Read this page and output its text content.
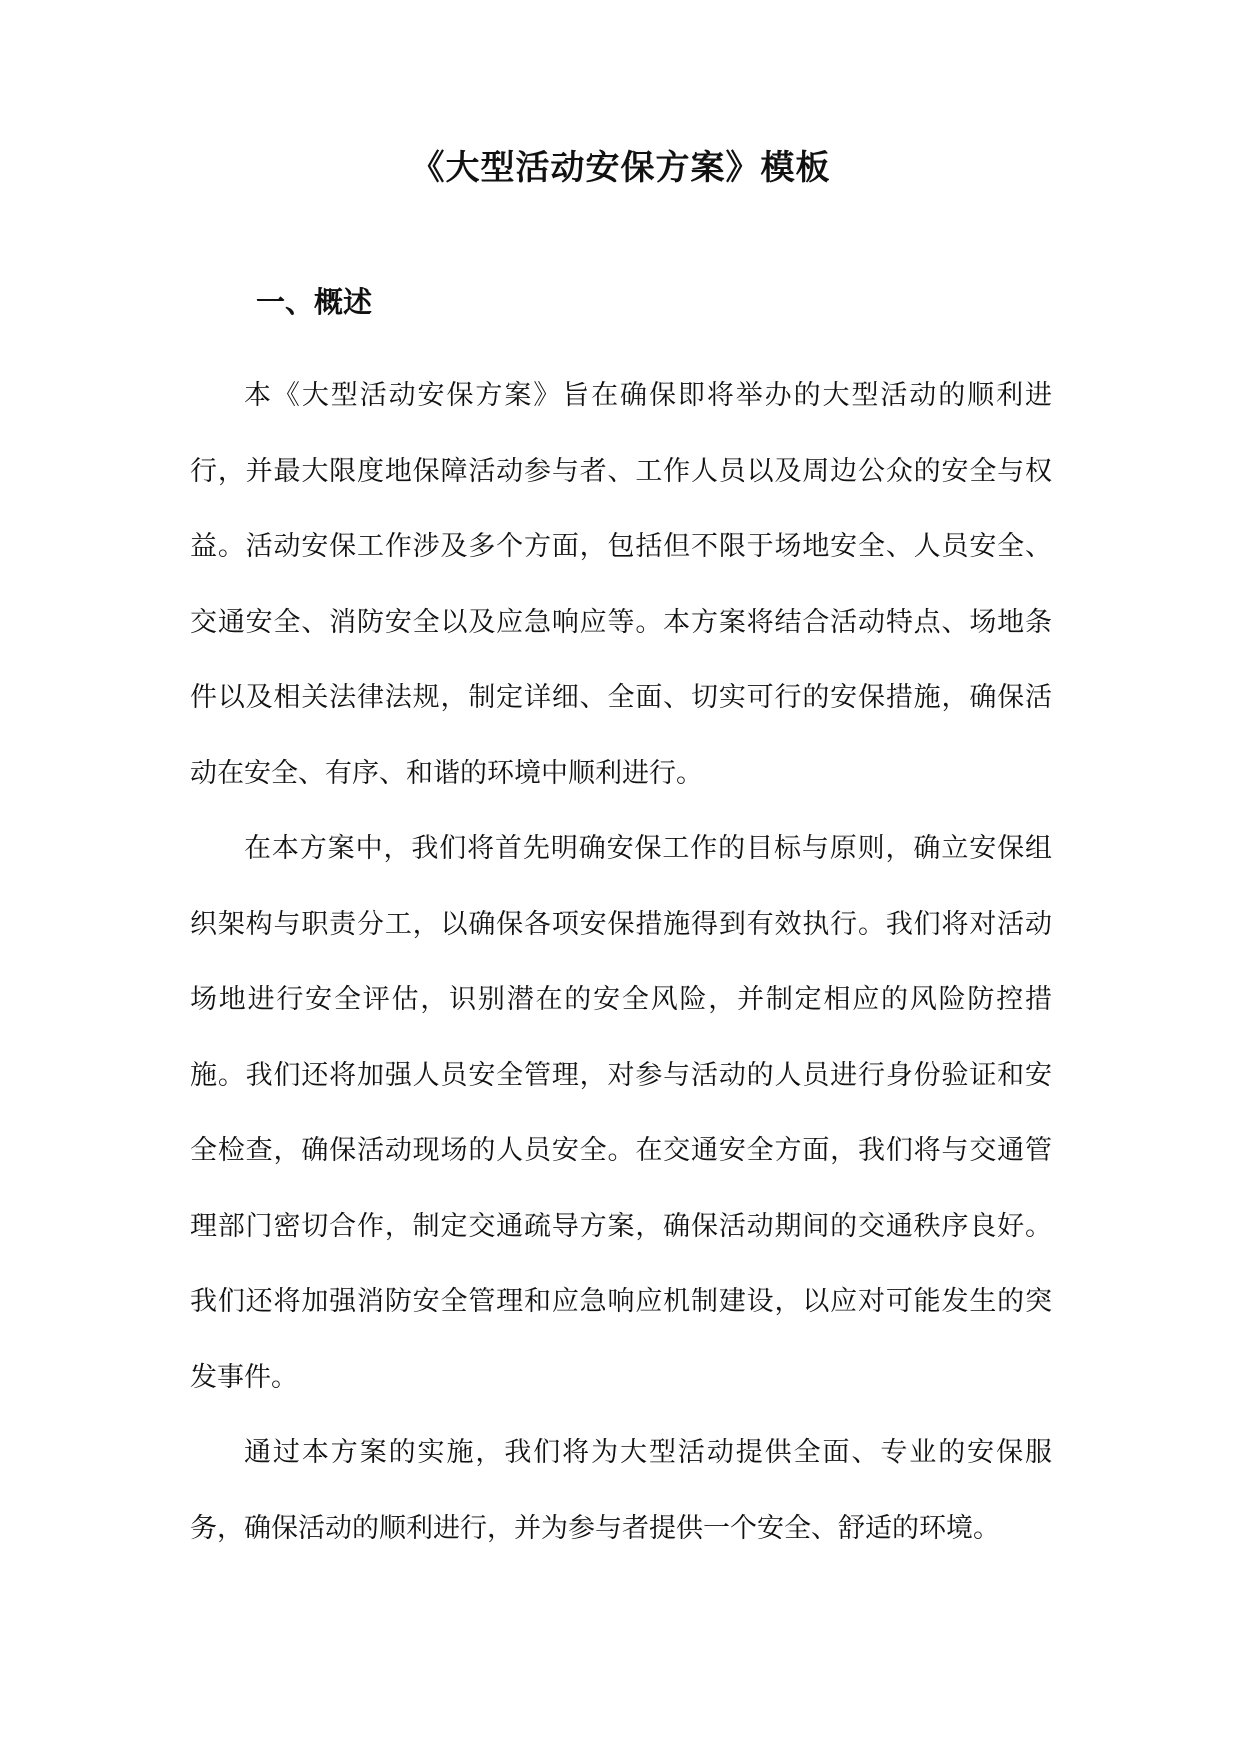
《大型活动安保方案》模板
一、概述

本《大型活动安保方案》旨在确保即将举办的大型活动的顺利进行，并最大限度地保障活动参与者、工作人员以及周边公众的安全与权益。活动安保工作涉及多个方面，包括但不限于场地安全、人员安全、交通安全、消防安全以及应急响应等。本方案将结合活动特点、场地条件以及相关法律法规，制定详细、全面、切实可行的安保措施，确保活动在安全、有序、和谐的环境中顺利进行。

在本方案中，我们将首先明确安保工作的目标与原则，确立安保组织架构与职责分工，以确保各项安保措施得到有效执行。我们将对活动场地进行安全评估，识别潜在的安全风险，并制定相应的风险防控措施。我们还将加强人员安全管理，对参与活动的人员进行身份验证和安全检查，确保活动现场的人员安全。在交通安全方面，我们将与交通管理部门密切合作，制定交通疏导方案，确保活动期间的交通秩序良好。我们还将加强消防安全管理和应急响应机制建设，以应对可能发生的突发事件。

通过本方案的实施，我们将为大型活动提供全面、专业的安保服务，确保活动的顺利进行，并为参与者提供一个安全、舒适的环境。
